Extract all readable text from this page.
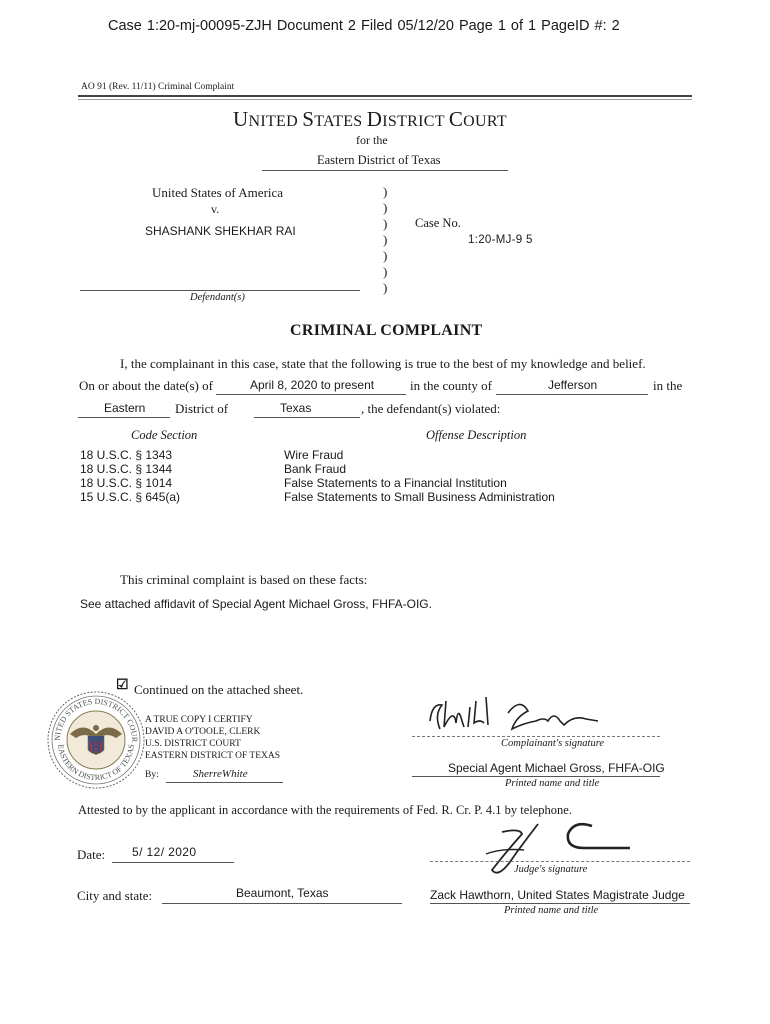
Case 1:20-mj-00095-ZJH Document 2 Filed 05/12/20 Page 1 of 1 PageID #: 2
AO 91 (Rev. 11/11) Criminal Complaint
UNITED STATES DISTRICT COURT
for the
Eastern District of Texas
United States of America
v.
SHASHANK SHEKHAR RAI
Defendant(s)
)
)
)
)
)
)
)
Case No.
1:20-MJ-9 5
CRIMINAL COMPLAINT
I, the complainant in this case, state that the following is true to the best of my knowledge and belief.
On or about the date(s) of	April 8, 2020 to present	in the county of	Jefferson	in the
Eastern District of	Texas	, the defendant(s) violated:
Code Section	Offense Description
18 U.S.C. § 1343	Wire Fraud
18 U.S.C. § 1344	Bank Fraud
18 U.S.C. § 1014	False Statements to a Financial Institution
15 U.S.C. § 645(a)	False Statements to Small Business Administration
This criminal complaint is based on these facts:
See attached affidavit of Special Agent Michael Gross, FHFA-OIG.
☑ Continued on the attached sheet.
NITED STATES DISTRICT COUR
EASTERN DISTRICT OF TEXAS
A TRUE COPY I CERTIFY
DAVID A O'TOOLE, CLERK
U.S. DISTRICT COURT
EASTERN DISTRICT OF TEXAS
By:	SherreWhite
Complainant's signature
Special Agent Michael Gross, FHFA-OIG
Printed name and title
Attested to by the applicant in accordance with the requirements of Fed. R. Cr. P. 4.1 by telephone.
Judge's signature
Date: 5/ 12/ 2020
City and state:	Beaumont, Texas	Zack Hawthorn, United States Magistrate Judge
Printed name and title
